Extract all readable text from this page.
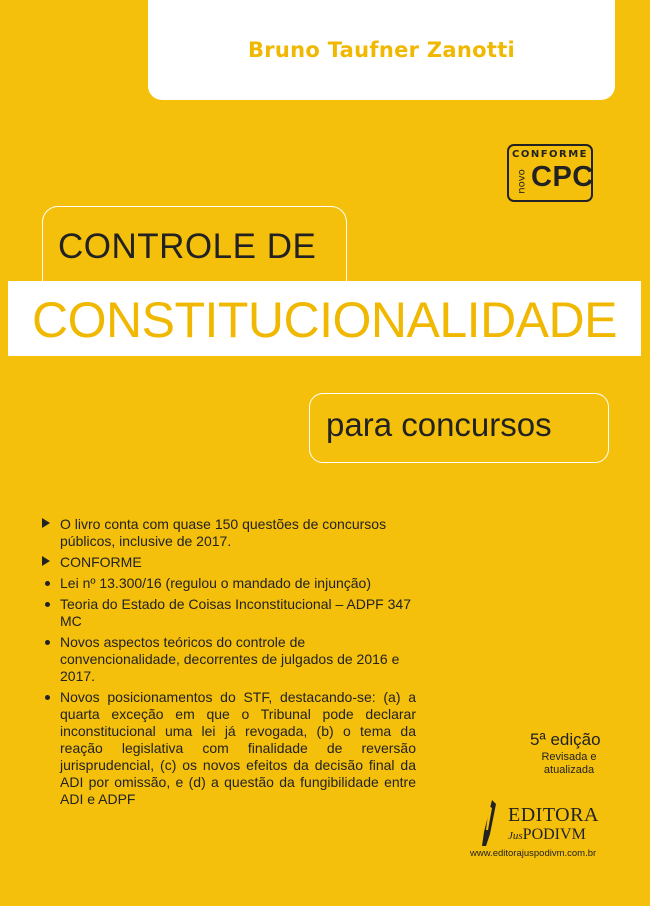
Bruno Taufner Zanotti
CONFORME
novo CPC
CONTROLE DE
CONSTITUCIONALIDADE
para concursos
O livro conta com quase 150 questões de concursos públicos, inclusive de 2017.
CONFORME
Lei nº 13.300/16 (regulou o mandado de injunção)
Teoria do Estado de Coisas Inconstitucional – ADPF 347 MC
Novos aspectos teóricos do controle de convencionalidade, decorrentes de julgados de 2016 e 2017.
Novos posicionamentos do STF, destacando-se: (a) a quarta exceção em que o Tribunal pode declarar inconstitucional uma lei já revogada, (b) o tema da reação legislativa com finalidade de reversão jurisprudencial, (c) os novos efeitos da decisão final da ADI por omissão, e (d) a questão da fungibilidade entre ADI e ADPF
5ª edição
Revisada e atualizada
EDITORA
JusPODIVM
www.editorajuspodivm.com.br
